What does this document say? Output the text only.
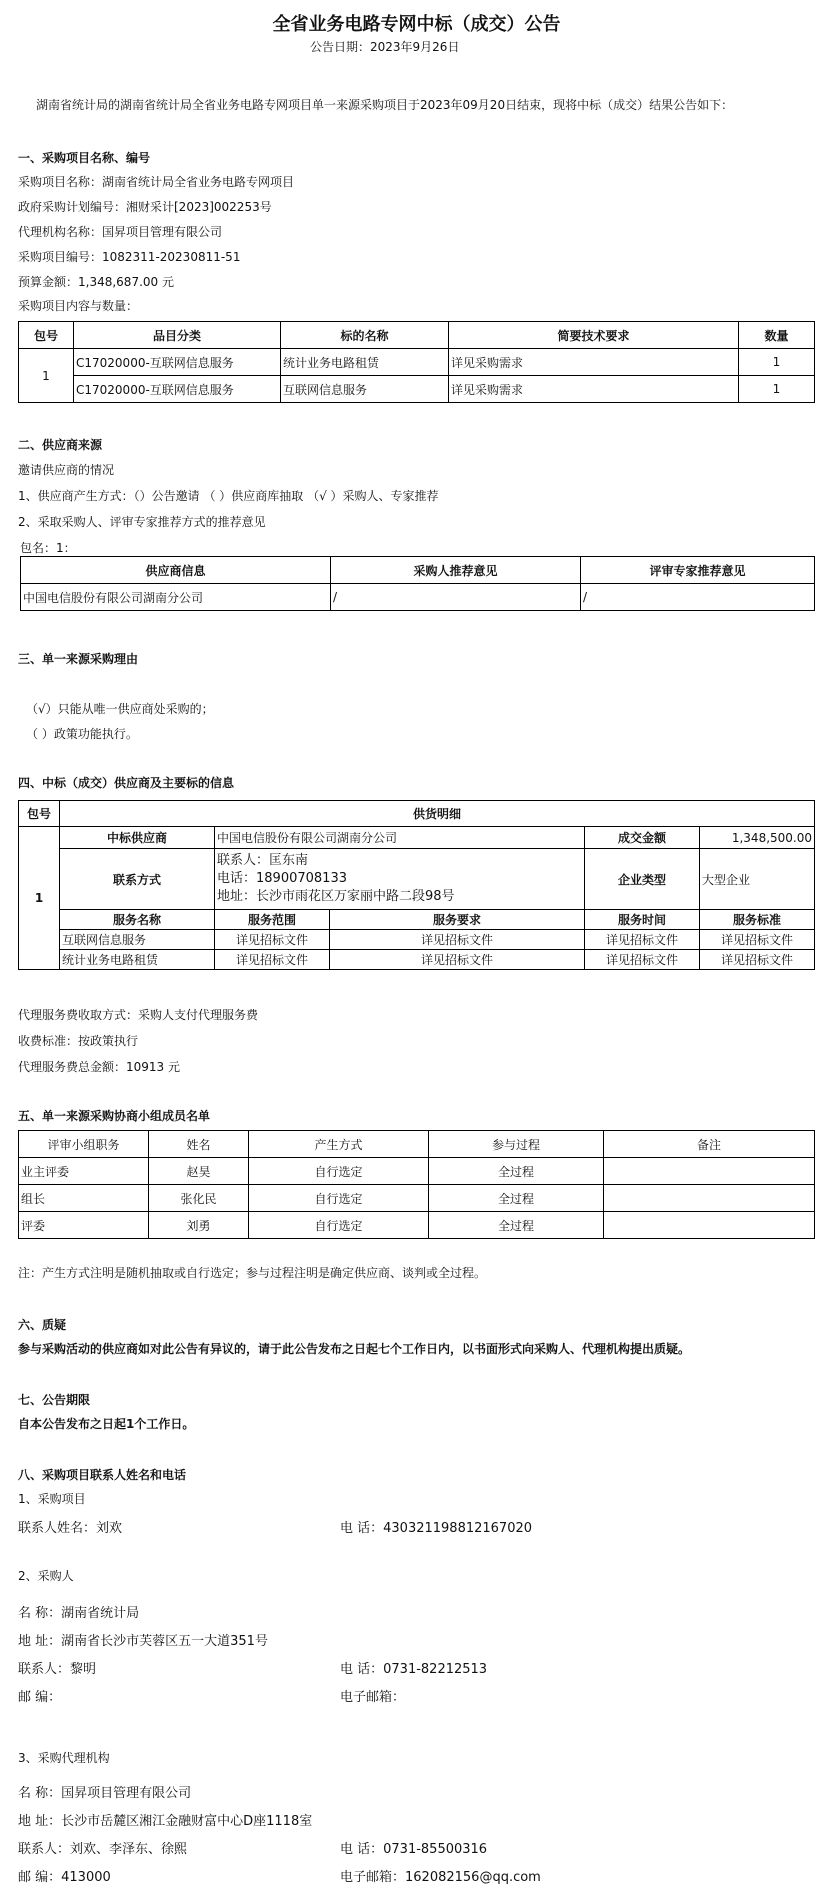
全省业务电路专网中标（成交）公告
公告日期：2023年9月26日
湖南省统计局的湖南省统计局全省业务电路专网项目单一来源采购项目于2023年09月20日结束，现将中标（成交）结果公告如下：
一、采购项目名称、编号
采购项目名称：湖南省统计局全省业务电路专网项目
政府采购计划编号：湘财采计[2023]002253号
代理机构名称：国昇项目管理有限公司
采购项目编号：1082311-20230811-51
预算金额：1,348,687.00 元
采购项目内容与数量：
包号	品目分类	标的名称	简要技术要求	数量
1	C17020000-互联网信息服务	统计业务电路租赁	详见采购需求	1
	C17020000-互联网信息服务	互联网信息服务	详见采购需求	1
二、供应商来源
邀请供应商的情况
1、供应商产生方式：（）公告邀请 （ ）供应商库抽取 （√ ）采购人、专家推荐
2、采取采购人、评审专家推荐方式的推荐意见
包名：1：
供应商信息	采购人推荐意见	评审专家推荐意见
中国电信股份有限公司湖南分公司	/	/
三、单一来源采购理由
（√）只能从唯一供应商处采购的；
（ ）政策功能执行。
四、中标（成交）供应商及主要标的信息
包号	供货明细				
1	中标供应商	中国电信股份有限公司湖南分公司		成交金额	1,348,500.00
	联系方式	联系人：匡东南
电话：18900708133
地址：长沙市雨花区万家丽中路二段98号		企业类型	大型企业
	服务名称	服务范围	服务要求	服务时间	服务标准
	互联网信息服务	详见招标文件	详见招标文件	详见招标文件	详见招标文件
	统计业务电路租赁	详见招标文件	详见招标文件	详见招标文件	详见招标文件
代理服务费收取方式：采购人支付代理服务费
收费标准：按政策执行
代理服务费总金额：10913 元
五、单一来源采购协商小组成员名单
评审小组职务	姓名	产生方式	参与过程	备注
业主评委	赵昊	自行选定	全过程	
组长	张化民	自行选定	全过程	
评委	刘勇	自行选定	全过程	
注：产生方式注明是随机抽取或自行选定；参与过程注明是确定供应商、谈判或全过程。
六、质疑
参与采购活动的供应商如对此公告有异议的，请于此公告发布之日起七个工作日内，以书面形式向采购人、代理机构提出质疑。
七、公告期限
自本公告发布之日起1个工作日。
八、采购项目联系人姓名和电话
1、采购项目
联系人姓名：刘欢	电 话：430321198812167020
2、采购人
名 称：湖南省统计局
地 址：湖南省长沙市芙蓉区五一大道351号
联系人：黎明	电 话：0731-82212513
邮 编：	电子邮箱：
3、采购代理机构
名 称：国昇项目管理有限公司
地 址：长沙市岳麓区湘江金融财富中心D座1118室
联系人：刘欢、李泽东、徐熙	电 话：0731-85500316
邮 编：413000	电子邮箱：162082156@qq.com
